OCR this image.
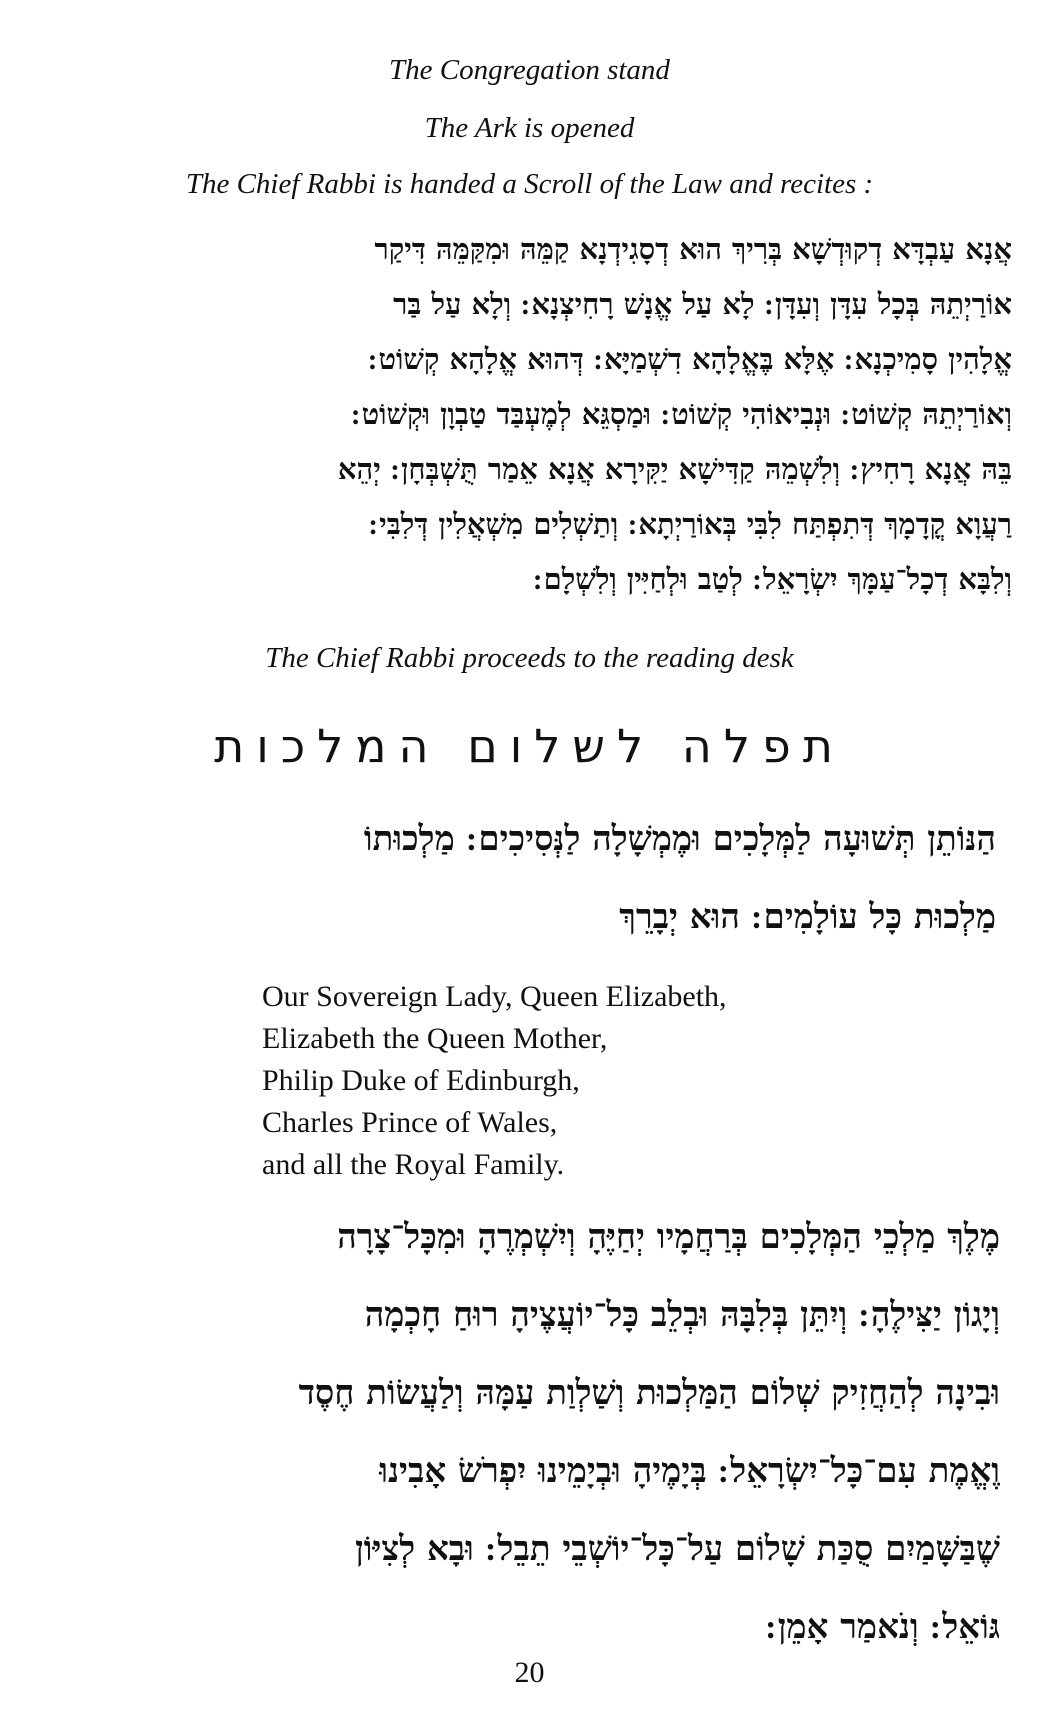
The Congregation stand
The Ark is opened
The Chief Rabbi is handed a Scroll of the Law and recites :
אֲנָא עַבְדָּא דְקוּדְשָׁא בְּרִיךְ הוּא דְסָגִידְנָא קַמֵּהּ וּמִקַּמֵּהּ דִּיקַר
אוֹרַיְתֵהּ בְּכָל עִדָּן וְעִדָּן ׃ לָא עַל אֱנָשׁ רָחִיצְנָא ׃ וְלָא עַל בַּר
אֱלָהִין סָמִיכְנָא ׃ אֶלָּא בֶּאֱלָהָא דִשְׁמַיָּא ׃ דְּהוּא אֱלָהָא קְשׁוֹט ׃
וְאוֹרַיְתֵהּ קְשׁוֹט ׃ וּנְבִיאוֹהִי קְשׁוֹט ׃ וּמַסְגֵּא לְמֶעְבַּד טַבְוָן וּקְשׁוֹט ׃
בֵּהּ אֲנָא רָחִיץ ׃ וְלִשְׁמֵהּ קַדִּישָׁא יַקִּירָא אֲנָא אֵמַר תֻּשְׁבְּחָן ׃ יְהֵא
רַעֲוָא קֳדָמָךְ דְּתִפְתַּח לִבִּי בְּאוֹרַיְתָא ׃ וְתַשְׁלִים מִשְׁאֲלִין דְּלִבִּי ׃
וְלִבָּא דְכָל־עַמָּךְ יִשְׂרָאֵל ׃ לְטַב וּלְחַיִּין וְלִשְׁלָם ׃
The Chief Rabbi proceeds to the reading desk
תפלה לשלום המלכות
הַנּוֹתֵן תְּשׁוּעָה לַמְּלָכִים וּמֶמְשָׁלָה לַנְּסִיכִים ׃ מַלְכוּתוֹ
מַלְכוּת כָּל עוֹלָמִים ׃ הוּא יְבָרֵךְ
Our Sovereign Lady, Queen Elizabeth,
Elizabeth the Queen Mother,
Philip Duke of Edinburgh,
Charles Prince of Wales,
and all the Royal Family.
מֶלֶךְ מַלְכֵי הַמְּלָכִים בְּרַחֲמָיו יְחַיֶּהָ וְיִשְׁמְרֶהָ וּמִכָּל־צָרָה
וְיָגוֹן יַצִּילֶהָ ׃ וְיִתֵּן בְּלִבָּהּ וּבְלֵב כָּל־יוֹעֲצֶיהָ רוּחַ חָכְמָה
וּבִינָה לְהַחֲזִיק שְׁלוֹם הַמַּלְכוּת וְשַׁלְוַת עַמָּהּ וְלַעֲשׂוֹת חֶסֶד
וֶאֱמֶת עִם־כָּל־יִשְׂרָאֵל ׃ בְּיָמֶיהָ וּבְיָמֵינוּ יִפְרֹשׂ אָבִינוּ
שֶׁבַּשָּׁמַיִם סֻכַּת שָׁלוֹם עַל־כָּל־יוֹשְׁבֵי תֵבֵל ׃ וּבָא לְצִיּוֹן
גּוֹאֵל ׃ וְנֹאמַר אָמֵן ׃
20
